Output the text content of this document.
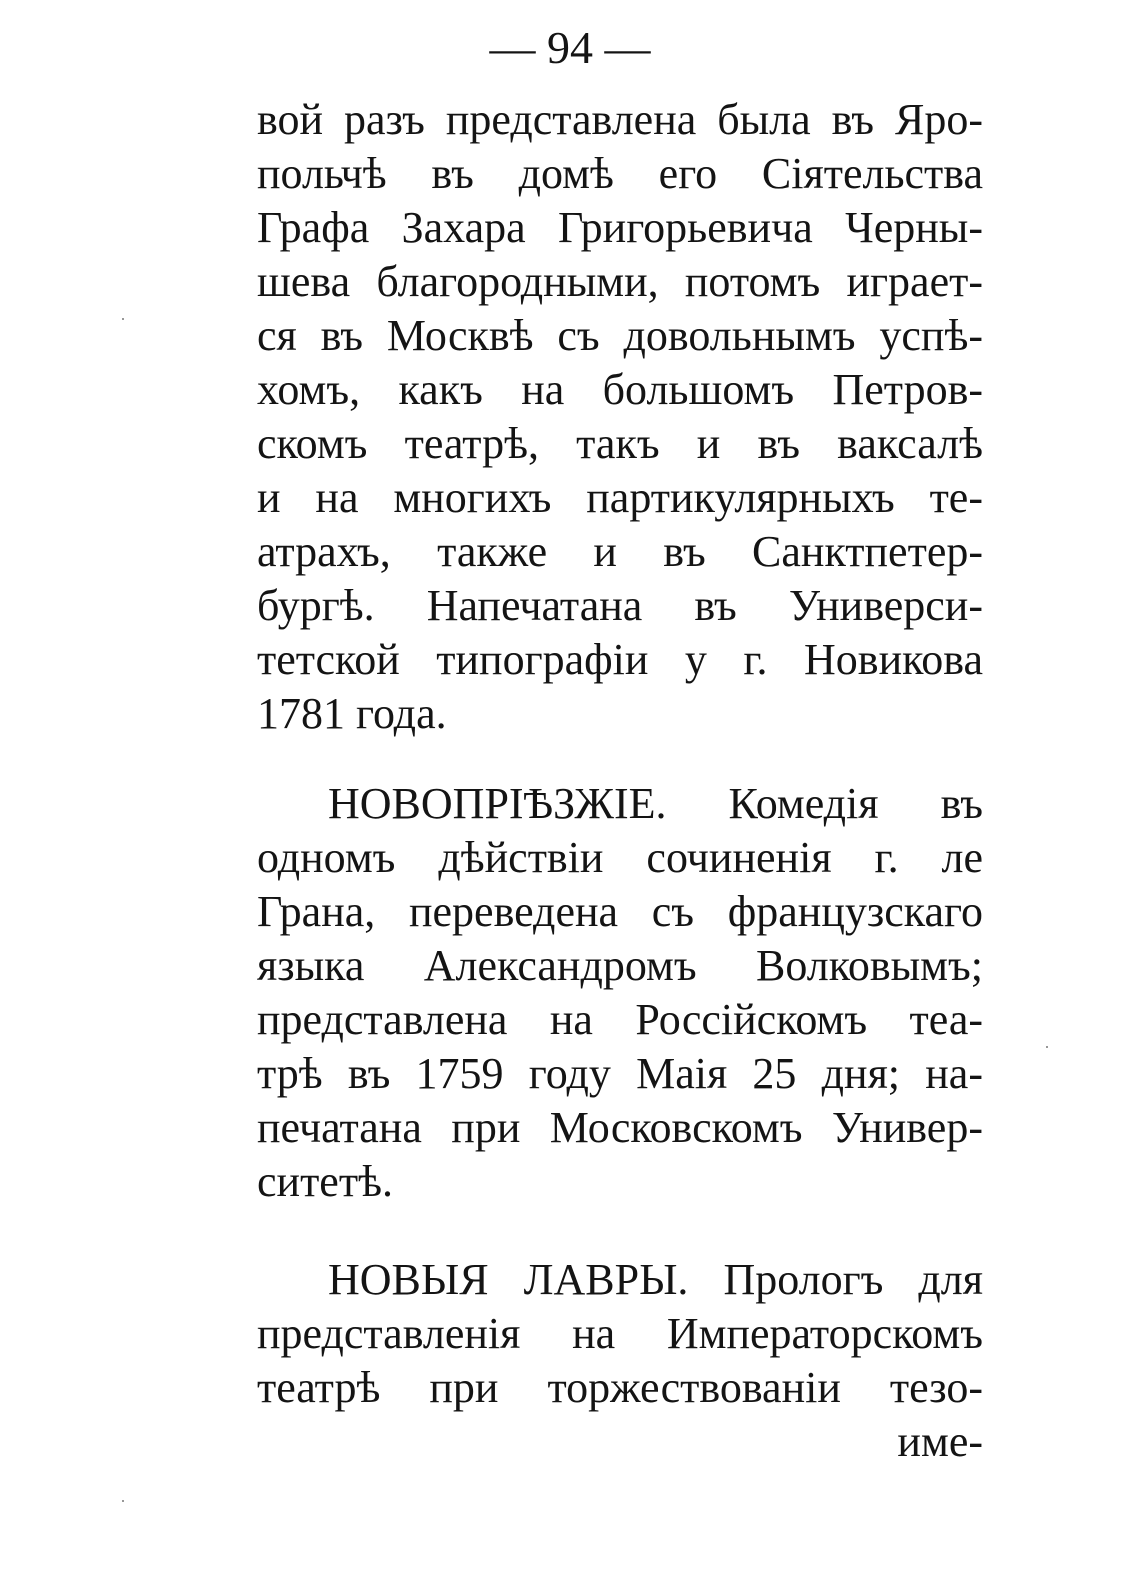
— 94 —
вой разъ представлена была въ Яро-
польчѣ въ домѣ его Сіятельства
Графа Захара Григорьевича Черны-
шева благородными, потомъ играет-
ся въ Москвѣ съ довольнымъ успѣ-
хомъ, какъ на большомъ Петров-
скомъ театрѣ, такъ и въ ваксалѣ
и на многихъ партикулярныхъ те-
атрахъ, также и въ Санктпетер-
бургѣ. Напечатана въ Универси-
тетской типографіи у г. Новикова
1781 года.
НОВОПРІѢЗЖІЕ. Комедія въ
одномъ дѣйствіи сочиненія г. ле
Грана, переведена съ французскаго
языка Александромъ Волковымъ;
представлена на Россійскомъ теа-
трѣ въ 1759 году Маія 25 дня; на-
печатана при Московскомъ Универ-
ситетѣ.
НОВЫЯ ЛАВРЫ. Прологъ для
представленія на Императорскомъ
театрѣ при торжествованіи тезо-
име-
